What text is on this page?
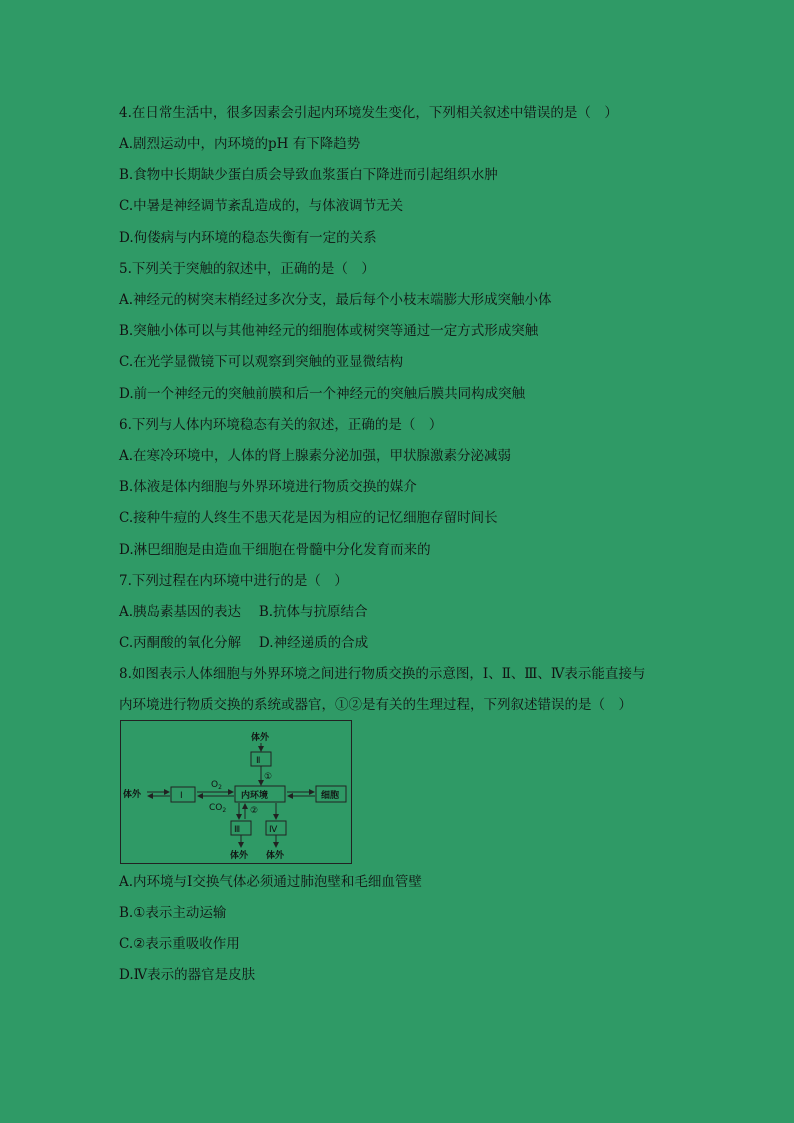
4.在日常生活中，很多因素会引起内环境发生变化，下列相关叙述中错误的是（　）
A.剧烈运动中，内环境的pH 有下降趋势
B.食物中长期缺少蛋白质会导致血浆蛋白下降进而引起组织水肿
C.中暑是神经调节紊乱造成的，与体液调节无关
D.佝偻病与内环境的稳态失衡有一定的关系
5.下列关于突触的叙述中，正确的是（　）
A.神经元的树突末梢经过多次分支，最后每个小枝末端膨大形成突触小体
B.突触小体可以与其他神经元的细胞体或树突等通过一定方式形成突触
C.在光学显微镜下可以观察到突触的亚显微结构
D.前一个神经元的突触前膜和后一个神经元的突触后膜共同构成突触
6.下列与人体内环境稳态有关的叙述，正确的是（　）
A.在寒冷环境中，人体的肾上腺素分泌加强，甲状腺激素分泌减弱
B.体液是体内细胞与外界环境进行物质交换的媒介
C.接种牛痘的人终生不患天花是因为相应的记忆细胞存留时间长
D.淋巴细胞是由造血干细胞在骨髓中分化发育而来的
7.下列过程在内环境中进行的是（　）
A.胰岛素基因的表达　 B.抗体与抗原结合
C.丙酮酸的氧化分解　 D.神经递质的合成
8.如图表示人体细胞与外界环境之间进行物质交换的示意图，Ⅰ、Ⅱ、Ⅲ、Ⅳ表示能直接与
内环境进行物质交换的系统或器官，①②是有关的生理过程，下列叙述错误的是（　）
体外
Ⅱ
①
体外	Ⅰ
$O_2$
$CO_2$
内环境	细胞
②
Ⅲ
体外
Ⅳ
体外
A.内环境与Ⅰ交换气体必须通过肺泡壁和毛细血管壁
B.①表示主动运输
C.②表示重吸收作用
D.Ⅳ表示的器官是皮肤
